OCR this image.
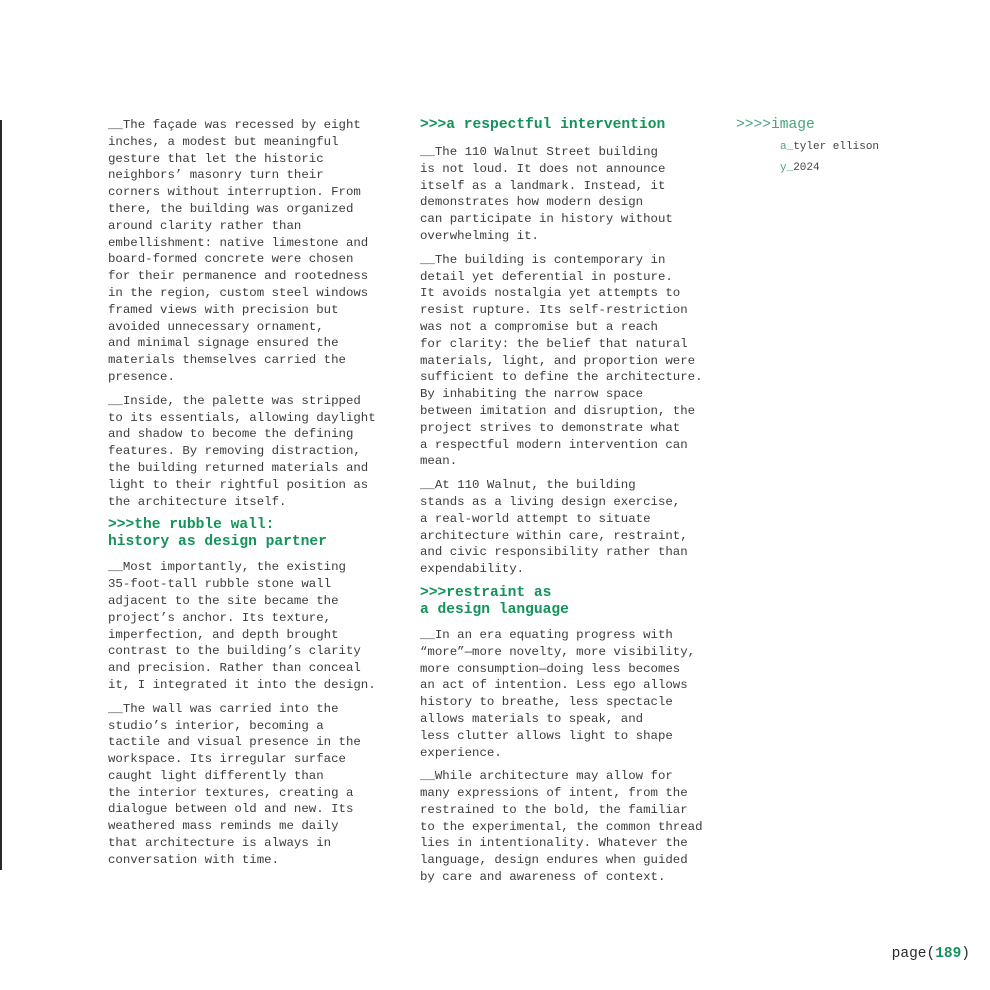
__The façade was recessed by eight
inches, a modest but meaningful
gesture that let the historic
neighbors’ masonry turn their
corners without interruption. From
there, the building was organized
around clarity rather than
embellishment: native limestone and
board-formed concrete were chosen
for their permanence and rootedness
in the region, custom steel windows
framed views with precision but
avoided unnecessary ornament,
and minimal signage ensured the
materials themselves carried the
presence.

__Inside, the palette was stripped
to its essentials, allowing daylight
and shadow to become the defining
features. By removing distraction,
the building returned materials and
light to their rightful position as
the architecture itself.

>>>the rubble wall:
history as design partner

__Most importantly, the existing
35-foot-tall rubble stone wall
adjacent to the site became the
project’s anchor. Its texture,
imperfection, and depth brought
contrast to the building’s clarity
and precision. Rather than conceal
it, I integrated it into the design.

__The wall was carried into the
studio’s interior, becoming a
tactile and visual presence in the
workspace. Its irregular surface
caught light differently than
the interior textures, creating a
dialogue between old and new. Its
weathered mass reminds me daily
that architecture is always in
conversation with time.

>>>a respectful intervention

__The 110 Walnut Street building
is not loud. It does not announce
itself as a landmark. Instead, it
demonstrates how modern design
can participate in history without
overwhelming it.

__The building is contemporary in
detail yet deferential in posture.
It avoids nostalgia yet attempts to
resist rupture. Its self-restriction
was not a compromise but a reach
for clarity: the belief that natural
materials, light, and proportion were
sufficient to define the architecture.
By inhabiting the narrow space
between imitation and disruption, the
project strives to demonstrate what
a respectful modern intervention can
mean.

__At 110 Walnut, the building
stands as a living design exercise,
a real-world attempt to situate
architecture within care, restraint,
and civic responsibility rather than
expendability.

>>>restraint as
a design language

__In an era equating progress with
“more”—more novelty, more visibility,
more consumption—doing less becomes
an act of intention. Less ego allows
history to breathe, less spectacle
allows materials to speak, and
less clutter allows light to shape
experience.

__While architecture may allow for
many expressions of intent, from the
restrained to the bold, the familiar
to the experimental, the common thread
lies in intentionality. Whatever the
language, design endures when guided
by care and awareness of context.

>>>>image
a_tyler ellison
y_2024
page(189)
